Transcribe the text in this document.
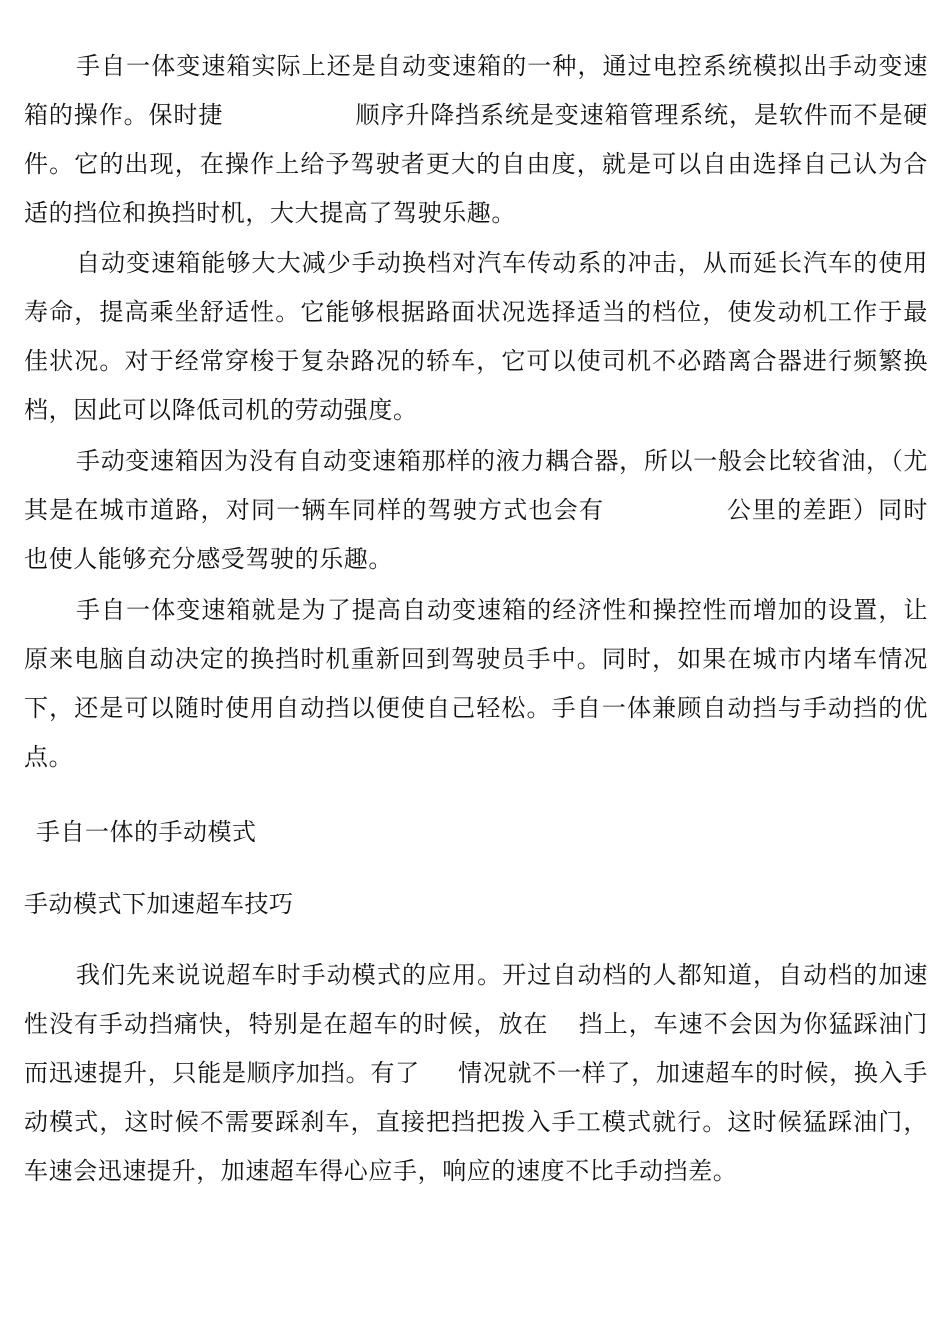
手自一体变速箱实际上还是自动变速箱的一种，通过电控系统模拟出手动变速箱的操作。保时捷	顺序升降挡系统是变速箱管理系统，是软件而不是硬件。它的出现，在操作上给予驾驶者更大的自由度，就是可以自由选择自己认为合适的挡位和换挡时机，大大提高了驾驶乐趣。

自动变速箱能够大大减少手动换档对汽车传动系的冲击，从而延长汽车的使用寿命，提高乘坐舒适性。它能够根据路面状况选择适当的档位，使发动机工作于最佳状况。对于经常穿梭于复杂路况的轿车，它可以使司机不必踏离合器进行频繁换档，因此可以降低司机的劳动强度。

手动变速箱因为没有自动变速箱那样的液力耦合器，所以一般会比较省油，（尤其是在城市道路，对同一辆车同样的驾驶方式也会有	公里的差距）同时也使人能够充分感受驾驶的乐趣。

手自一体变速箱就是为了提高自动变速箱的经济性和操控性而增加的设置，让原来电脑自动决定的换挡时机重新回到驾驶员手中。同时，如果在城市内堵车情况下，还是可以随时使用自动挡以便使自己轻松。手自一体兼顾自动挡与手动挡的优点。

手自一体的手动模式
手动模式下加速超车技巧

我们先来说说超车时手动模式的应用。开过自动档的人都知道，自动档的加速性没有手动挡痛快，特别是在超车的时候，放在 挡上，车速不会因为你猛踩油门而迅速提升，只能是顺序加挡。有了 情况就不一样了，加速超车的时候，换入手动模式，这时候不需要踩刹车，直接把挡把拨入手工模式就行。这时候猛踩油门，车速会迅速提升，加速超车得心应手，响应的速度不比手动挡差。
